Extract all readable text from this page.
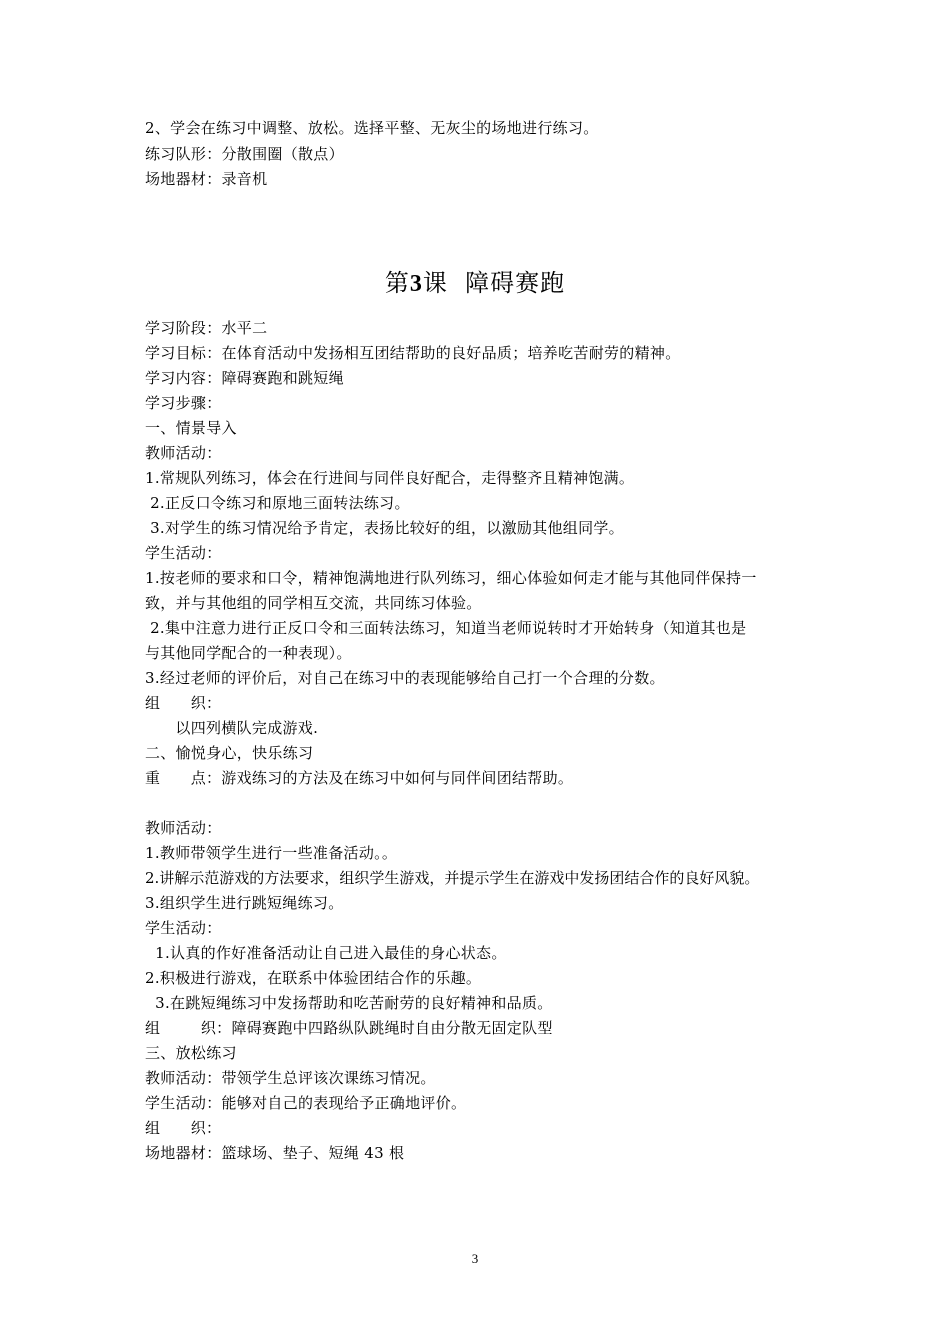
2、学会在练习中调整、放松。选择平整、无灰尘的场地进行练习。
练习队形：分散围圈（散点）
场地器材：录音机
第3课  障碍赛跑
学习阶段：水平二
学习目标：在体育活动中发扬相互团结帮助的良好品质；培养吃苦耐劳的精神。
学习内容：障碍赛跑和跳短绳
学习步骤：
一、情景导入
教师活动：
1.常规队列练习，体会在行进间与同伴良好配合，走得整齐且精神饱满。
2.正反口令练习和原地三面转法练习。
3.对学生的练习情况给予肯定，表扬比较好的组，以激励其他组同学。
学生活动：
1.按老师的要求和口令，精神饱满地进行队列练习，细心体验如何走才能与其他同伴保持一
致，并与其他组的同学相互交流，共同练习体验。
2.集中注意力进行正反口令和三面转法练习，知道当老师说转时才开始转身（知道其也是
与其他同学配合的一种表现）。
3.经过老师的评价后，对自己在练习中的表现能够给自己打一个合理的分数。
组      织：
以四列横队完成游戏.
二、愉悦身心，快乐练习
重      点：游戏练习的方法及在练习中如何与同伴间团结帮助。
教师活动：
1.教师带领学生进行一些准备活动。。
2.讲解示范游戏的方法要求，组织学生游戏，并提示学生在游戏中发扬团结合作的良好风貌。
3.组织学生进行跳短绳练习。
学生活动：
1.认真的作好准备活动让自己进入最佳的身心状态。
2.积极进行游戏，在联系中体验团结合作的乐趣。
3.在跳短绳练习中发扬帮助和吃苦耐劳的良好精神和品质。
组        织：障碍赛跑中四路纵队跳绳时自由分散无固定队型
三、放松练习
教师活动：带领学生总评该次课练习情况。
学生活动：能够对自己的表现给予正确地评价。
组      织：
场地器材：篮球场、垫子、短绳 43 根
3
